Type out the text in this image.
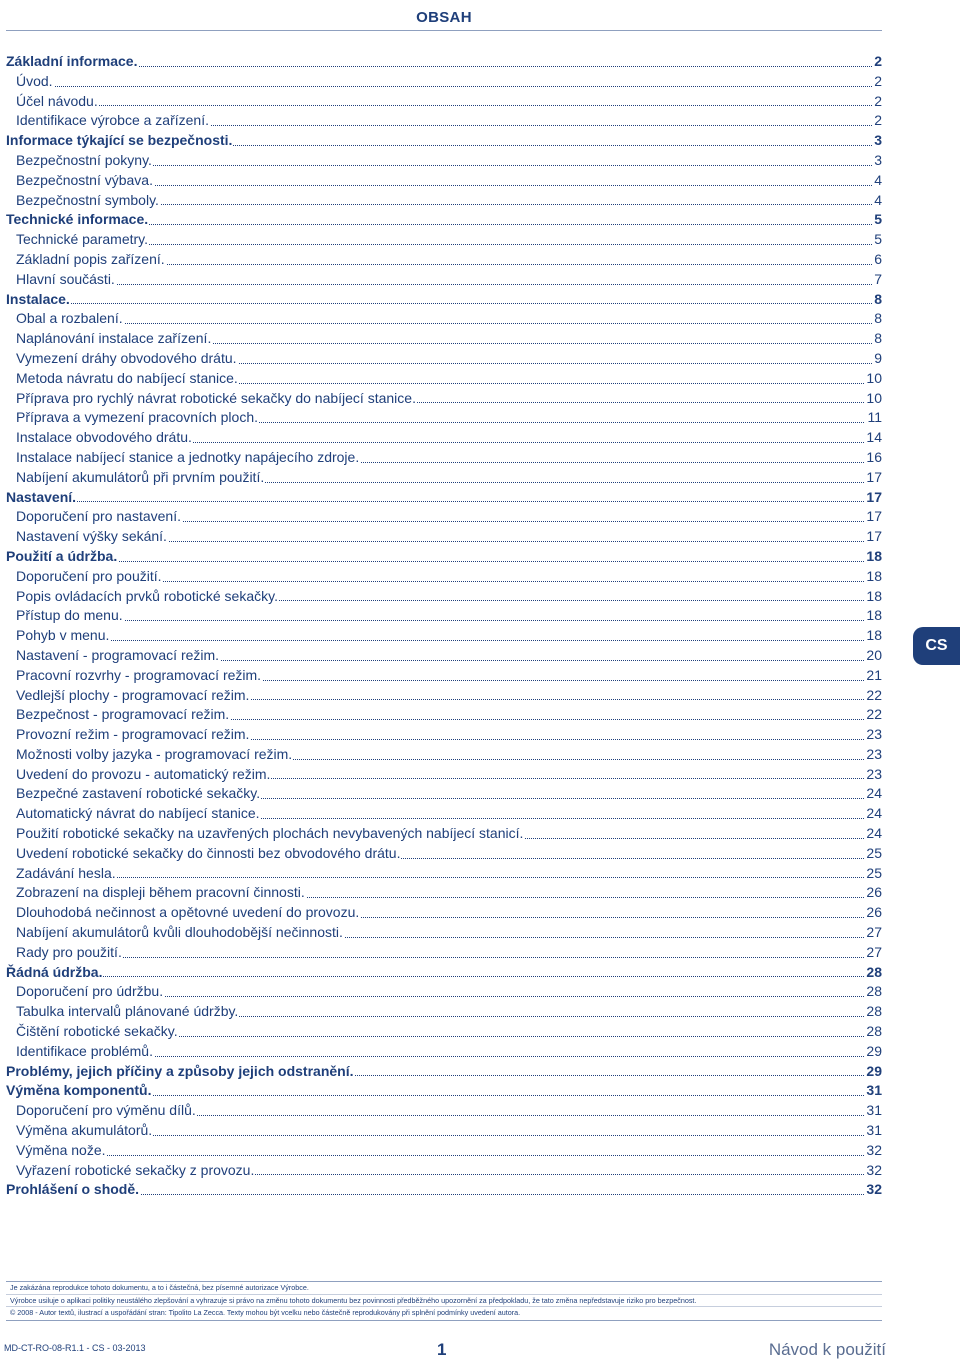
OBSAH
Základní informace.	2
Úvod.	2
Účel návodu.	2
Identifikace výrobce a zařízení.	2
Informace týkající se bezpečnosti.	3
Bezpečnostní pokyny.	3
Bezpečnostní výbava.	4
Bezpečnostní symboly.	4
Technické informace.	5
Technické parametry.	5
Základní popis zařízení.	6
Hlavní součásti.	7
Instalace.	8
Obal a rozbalení.	8
Naplánování instalace zařízení.	8
Vymezení dráhy obvodového drátu.	9
Metoda návratu do nabíjecí stanice.	10
Příprava pro rychlý návrat robotické sekačky do nabíjecí stanice.	10
Příprava a vymezení pracovních ploch.	11
Instalace obvodového drátu.	14
Instalace nabíjecí stanice a jednotky napájecího zdroje.	16
Nabíjení akumulátorů při prvním použití.	17
Nastavení.	17
Doporučení pro nastavení.	17
Nastavení výšky sekání.	17
Použití a údržba.	18
Doporučení pro použití.	18
Popis ovládacích prvků robotické sekačky.	18
Přístup do menu.	18
Pohyb v menu.	18
Nastavení - programovací režim.	20
Pracovní rozvrhy - programovací režim.	21
Vedlejší plochy - programovací režim.	22
Bezpečnost - programovací režim.	22
Provozní režim - programovací režim.	23
Možnosti volby jazyka - programovací režim.	23
Uvedení do provozu - automatický režim.	23
Bezpečné zastavení robotické sekačky.	24
Automatický návrat do nabíjecí stanice.	24
Použití robotické sekačky na uzavřených plochách nevybavených nabíjecí stanicí.	24
Uvedení robotické sekačky do činnosti bez obvodového drátu.	25
Zadávání hesla.	25
Zobrazení na displeji během pracovní činnosti.	26
Dlouhodobá nečinnost a opětovné uvedení do provozu.	26
Nabíjení akumulátorů kvůli dlouhodobější nečinnosti.	27
Rady pro použití.	27
Řádná údržba.	28
Doporučení pro údržbu.	28
Tabulka intervalů plánované údržby.	28
Čištění robotické sekačky.	28
Identifikace problémů.	29
Problémy, jejich příčiny a způsoby jejich odstranění.	29
Výměna komponentů.	31
Doporučení pro výměnu dílů.	31
Výměna akumulátorů.	31
Výměna nože.	32
Vyřazení robotické sekačky z provozu.	32
Prohlášení o shodě.	32
CS
Je zakázána reprodukce tohoto dokumentu, a to i částečná, bez písemné autorizace Výrobce.
Výrobce usiluje o aplikaci politiky neustálého zlepšování a vyhrazuje si právo na změnu tohoto dokumentu bez povinnosti předběžného upozornění za předpokladu, že tato změna nepředstavuje riziko pro bezpečnost.
© 2008 - Autor textů, ilustrací a uspořádání stran: Tipolito La Zecca. Texty mohou být vcelku nebo částečně reprodukovány při splnění podmínky uvedení autora.
MD-CT-RO-08-R1.1 - CS - 03-2013	1	Návod k použití
